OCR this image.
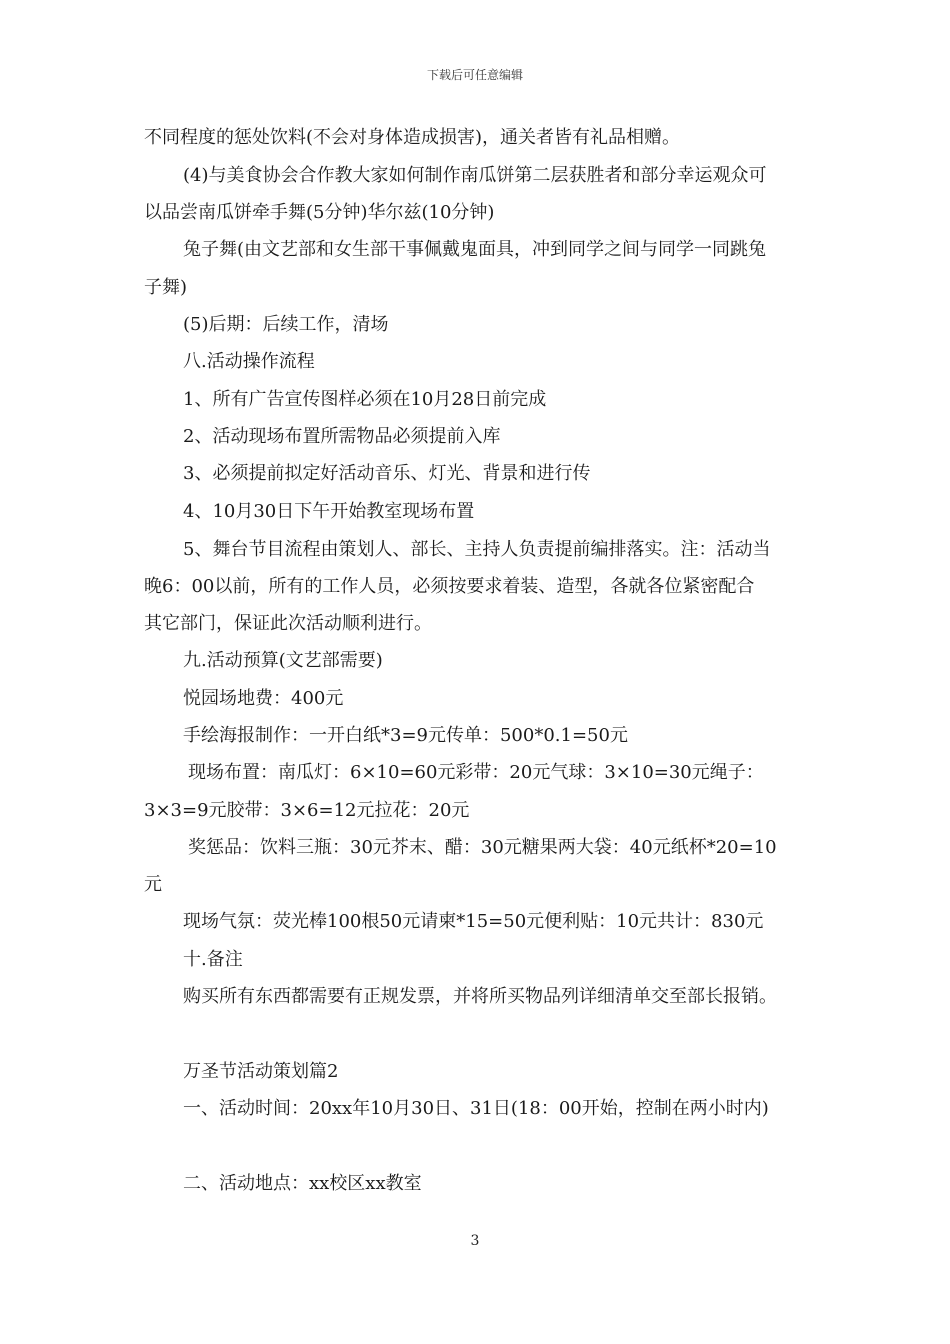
下载后可任意编辑
不同程度的惩处饮料(不会对身体造成损害)，通关者皆有礼品相赠。
(4)与美食协会合作教大家如何制作南瓜饼第二层获胜者和部分幸运观众可
以品尝南瓜饼牵手舞(5分钟)华尔兹(10分钟)
兔子舞(由文艺部和女生部干事佩戴鬼面具，冲到同学之间与同学一同跳兔
子舞)
(5)后期：后续工作，清场
八.活动操作流程
1、所有广告宣传图样必须在10月28日前完成
2、活动现场布置所需物品必须提前入库
3、必须提前拟定好活动音乐、灯光、背景和进行传
4、10月30日下午开始教室现场布置
5、舞台节目流程由策划人、部长、主持人负责提前编排落实。注：活动当
晚6：00以前，所有的工作人员，必须按要求着装、造型，各就各位紧密配合
其它部门，保证此次活动顺利进行。
九.活动预算(文艺部需要)
悦园场地费：400元
手绘海报制作：一开白纸*3=9元传单：500*0.1=50元
现场布置：南瓜灯：6×10=60元彩带：20元气球：3×10=30元绳子：
3×3=9元胶带：3×6=12元拉花：20元
奖惩品：饮料三瓶：30元芥末、醋：30元糖果两大袋：40元纸杯*20=10
元
现场气氛：荧光棒100根50元请柬*15=50元便利贴：10元共计：830元
十.备注
购买所有东西都需要有正规发票，并将所买物品列详细清单交至部长报销。
万圣节活动策划篇2
一、活动时间：20xx年10月30日、31日(18：00开始，控制在两小时内)
二、活动地点：xx校区xx教室
3
